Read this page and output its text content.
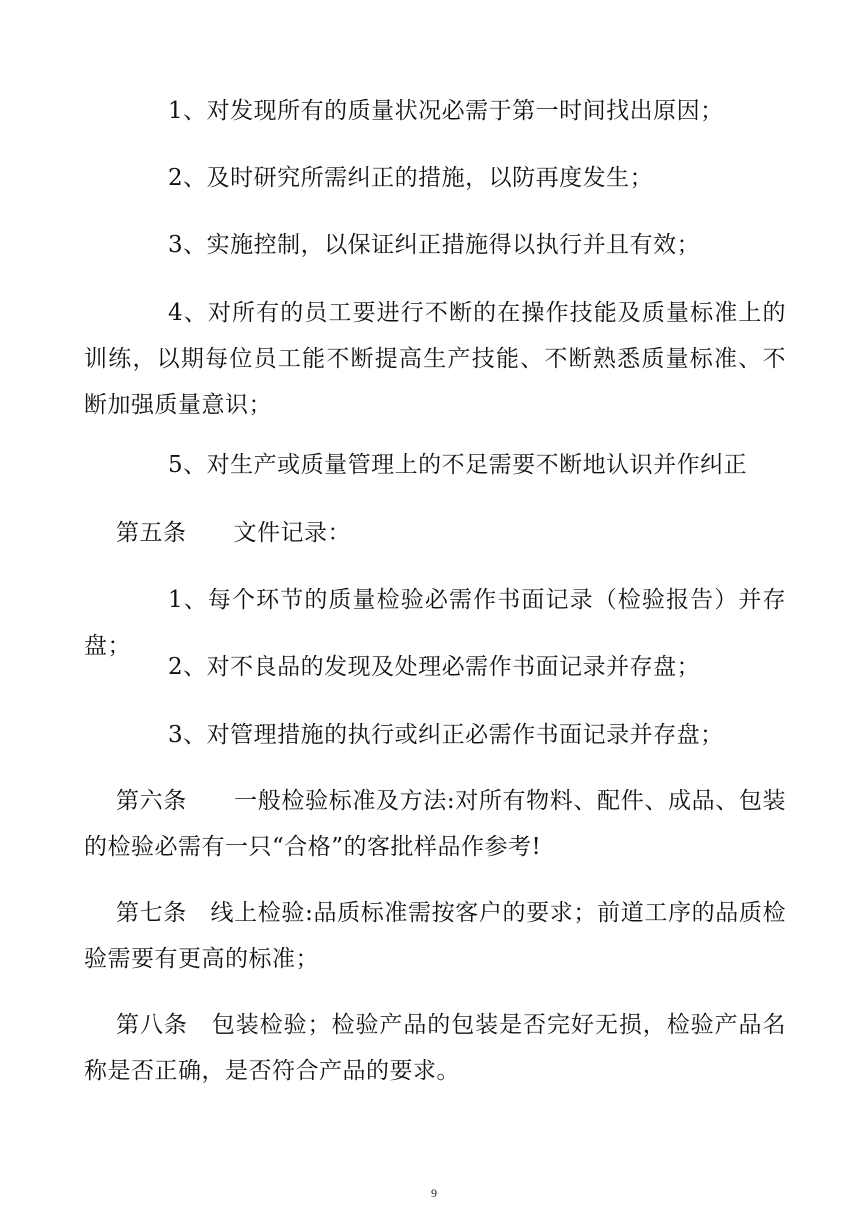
1、对发现所有的质量状况必需于第一时间找出原因；

2、及时研究所需纠正的措施，以防再度发生；

3、实施控制，以保证纠正措施得以执行并且有效；

4、对所有的员工要进行不断的在操作技能及质量标准上的训练，以期每位员工能不断提高生产技能、不断熟悉质量标准、不断加强质量意识；

5、对生产或质量管理上的不足需要不断地认识并作纠正

第五条　　文件记录：

1、每个环节的质量检验必需作书面记录（检验报告）并存盘；

2、对不良品的发现及处理必需作书面记录并存盘；

3、对管理措施的执行或纠正必需作书面记录并存盘；

第六条　　一般检验标准及方法:对所有物料、配件、成品、包装的检验必需有一只“合格”的客批样品作参考!

第七条　线上检验:品质标准需按客户的要求；前道工序的品质检验需要有更高的标准；

第八条　包装检验；检验产品的包装是否完好无损，检验产品名称是否正确，是否符合产品的要求。

9
